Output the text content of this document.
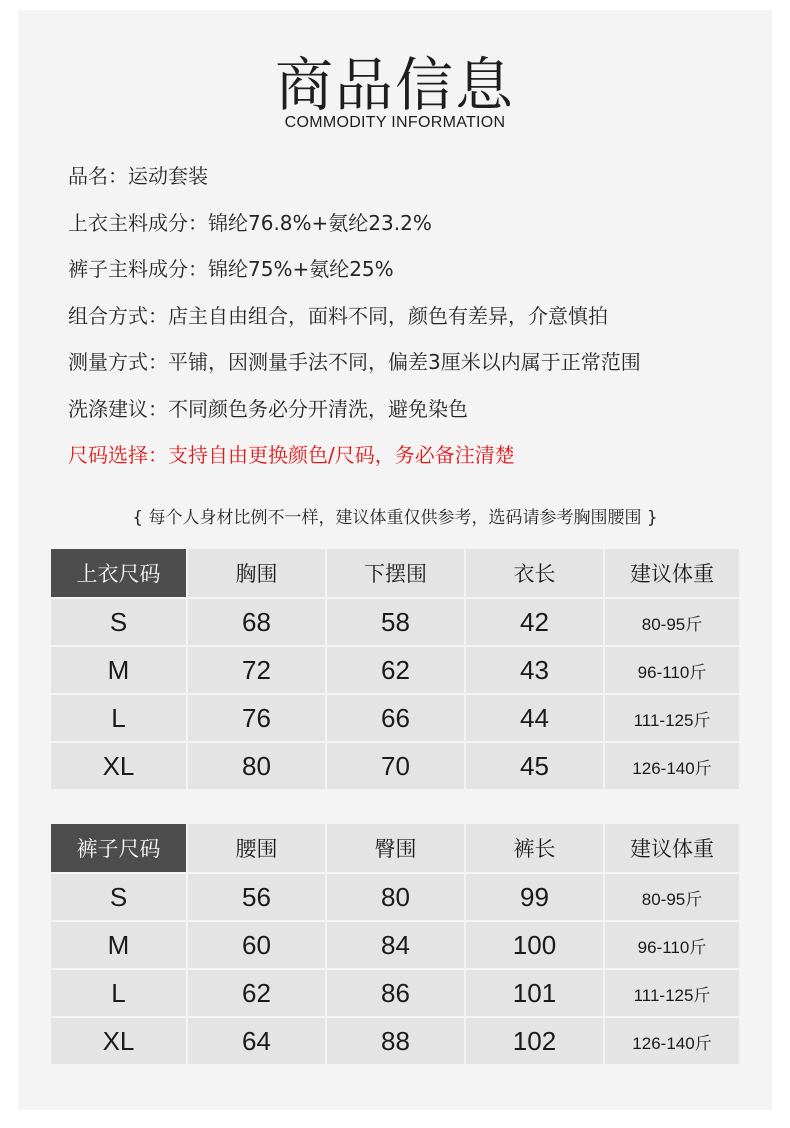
商品信息
COMMODITY INFORMATION
品名：运动套装
上衣主料成分：锦纶76.8%+氨纶23.2%
裤子主料成分：锦纶75%+氨纶25%
组合方式：店主自由组合，面料不同，颜色有差异，介意慎拍
测量方式：平铺，因测量手法不同，偏差3厘米以内属于正常范围
洗涤建议：不同颜色务必分开清洗，避免染色
尺码选择：支持自由更换颜色/尺码，务必备注清楚
{ 每个人身材比例不一样，建议体重仅供参考，选码请参考胸围腰围 }
上衣尺码	胸围	下摆围	衣长	建议体重
S	68	58	42	80-95斤
M	72	62	43	96-110斤
L	76	66	44	111-125斤
XL	80	70	45	126-140斤
裤子尺码	腰围	臀围	裤长	建议体重
S	56	80	99	80-95斤
M	60	84	100	96-110斤
L	62	86	101	111-125斤
XL	64	88	102	126-140斤
